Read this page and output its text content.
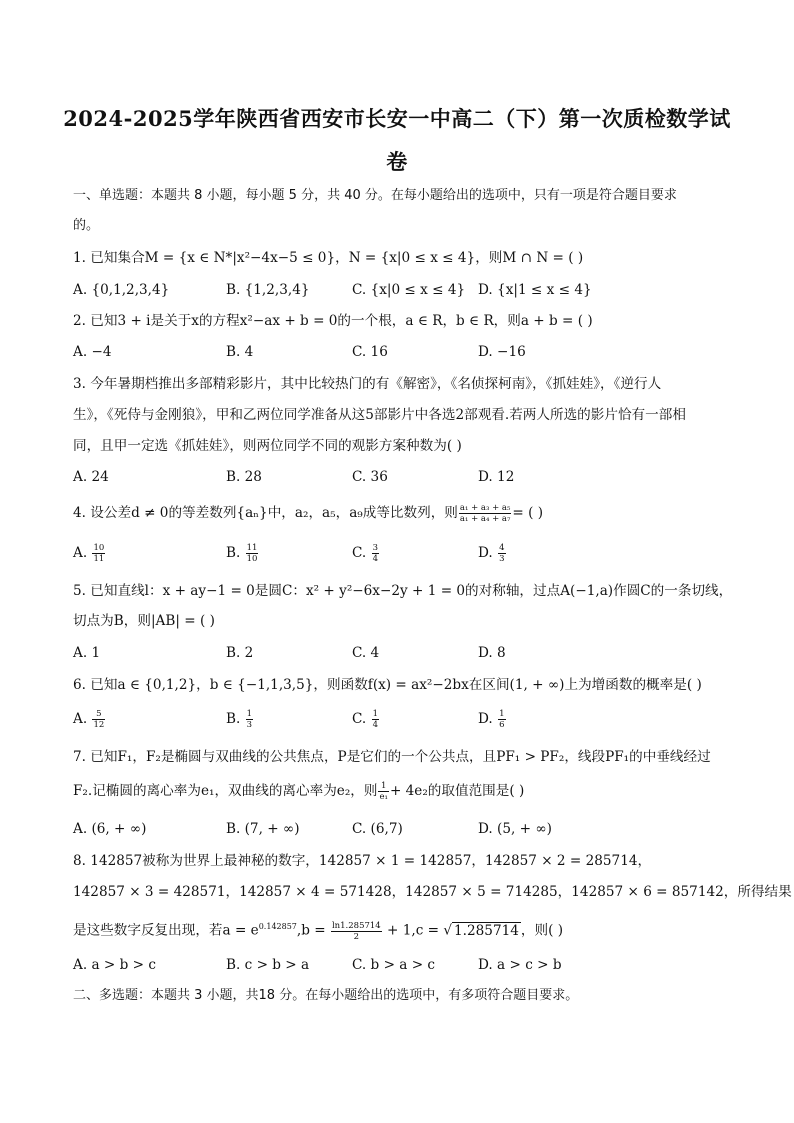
2024-2025学年陕西省西安市长安一中高二（下）第一次质检数学试
卷
一、单选题：本题共 8 小题，每小题 5 分，共 40 分。在每小题给出的选项中，只有一项是符合题目要求
的。
1. 已知集合M = {x ∈ N*|x²−4x−5 ≤ 0}，N = {x|0 ≤ x ≤ 4}，则M ∩ N = ( )
A. {0,1,2,3,4}	B. {1,2,3,4}	C. {x|0 ≤ x ≤ 4} D. {x|1 ≤ x ≤ 4}
2. 已知3 + i是关于x的方程x²−ax + b = 0的一个根，a ∈ R，b ∈ R，则a + b = ( )
A. −4	B. 4	C. 16	D. −16
3. 今年暑期档推出多部精彩影片，其中比较热门的有《解密》，《名侦探柯南》，《抓娃娃》，《逆行人
生》，《死侍与金刚狼》，甲和乙两位同学准备从这5部影片中各选2部观看.若两人所选的影片恰有一部相
同，且甲一定选《抓娃娃》，则两位同学不同的观影方案种数为( )
A. 24	B. 28	C. 36	D. 12
4. 设公差d ≠ 0的等差数列{aₙ}中，a₂，a₅，a₉成等比数列，则 $\frac{\text{a₁ + a₃ + a₅}}{\text{a₁ + a₄ + a₇}}$ = ( )
A. $\frac{10}{11}$	B. $\frac{11}{10}$	C. $\frac{3}{4}$	D. $\frac{4}{3}$
5. 已知直线l：x + ay−1 = 0是圆C：x² + y²−6x−2y + 1 = 0的对称轴，过点A(−1,a)作圆C的一条切线，
切点为B，则|AB| = ( )
A. 1	B. 2	C. 4	D. 8
6. 已知a ∈ {0,1,2}，b ∈ {−1,1,3,5}，则函数f(x) = ax²−2bx在区间(1, + ∞)上为增函数的概率是( )
A. $\frac{5}{12}$	B. $\frac{1}{3}$	C. $\frac{1}{4}$	D. $\frac{1}{6}$
7. 已知F₁，F₂是椭圆与双曲线的公共焦点，P是它们的一个公共点，且PF₁ > PF₂，线段PF₁的中垂线经过
F₂.记椭圆的离心率为e₁，双曲线的离心率为e₂，则 $\frac{1}{\text{e₁}} + 4e_2$的取值范围是( )
A. (6, + ∞)	B. (7, + ∞)	C. (6,7)	D. (5, + ∞)
8. 142857被称为世界上最神秘的数字，142857 × 1 = 142857，142857 × 2 = 285714，
142857 × 3 = 428571，142857 × 4 = 571428，142857 × 5 = 714285，142857 × 6 = 857142，所得结果
是这些数字反复出现，若$a = e^{0.142857},b = \frac{\ln 1.285714}{2} + 1,c$ = √ 1.285714 ，则( )
A. a > b > c	B. c > b > a	C. b > a > c	D. a > c > b
二、多选题：本题共 3 小题，共18 分。在每小题给出的选项中，有多项符合题目要求。
